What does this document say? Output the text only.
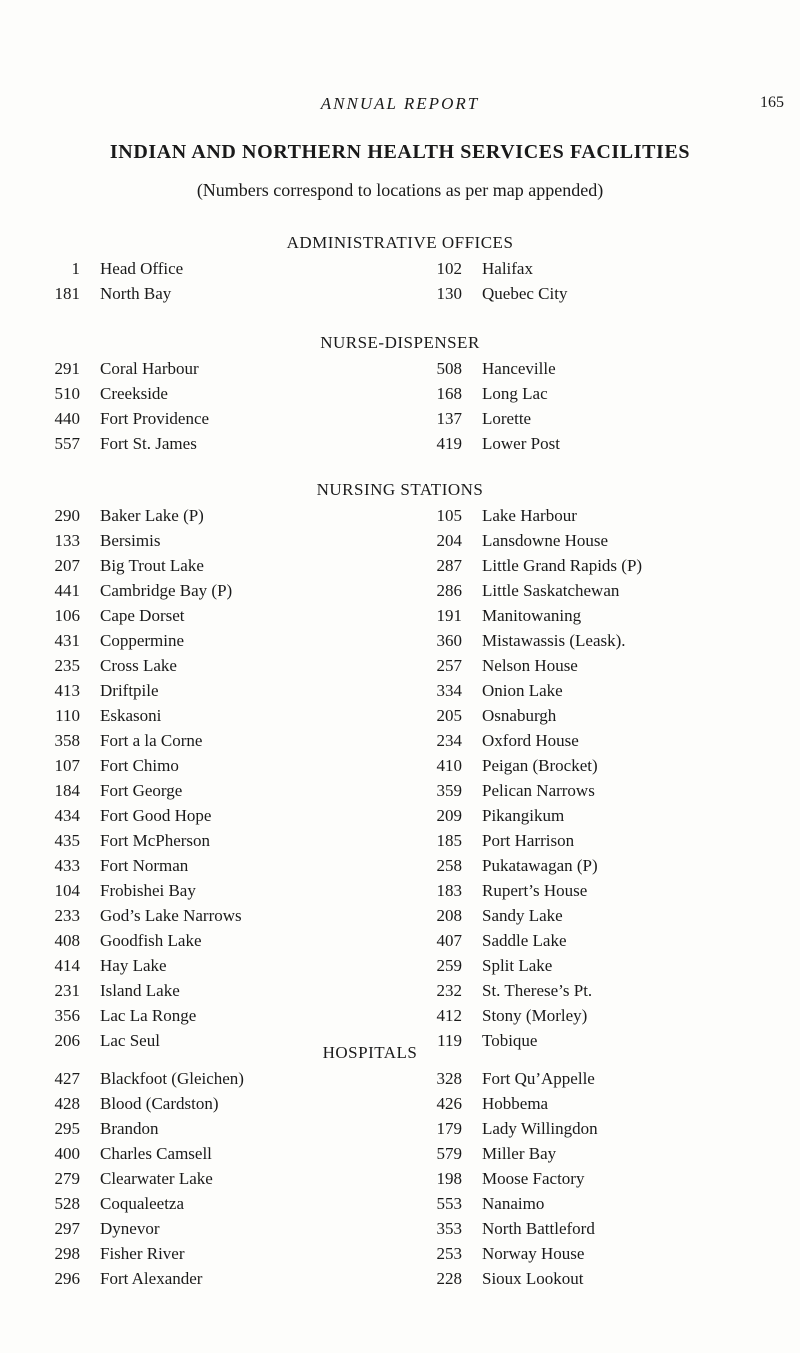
ANNUAL REPORT	165
INDIAN AND NORTHERN HEALTH SERVICES FACILITIES
(Numbers correspond to locations as per map appended)
ADMINISTRATIVE OFFICES
1 Head Office	102 Halifax
181 North Bay	130 Quebec City
NURSE-DISPENSER
291 Coral Harbour	508 Hanceville
510 Creekside	168 Long Lac
440 Fort Providence	137 Lorette
557 Fort St. James	419 Lower Post
NURSING STATIONS
290 Baker Lake (P)	105 Lake Harbour
133 Bersimis	204 Lansdowne House
207 Big Trout Lake	287 Little Grand Rapids (P)
441 Cambridge Bay (P)	286 Little Saskatchewan
106 Cape Dorset	191 Manitowaning
431 Coppermine	360 Mistawassis (Leask).
235 Cross Lake	257 Nelson House
413 Driftpile	334 Onion Lake
110 Eskasoni	205 Osnaburgh
358 Fort a la Corne	234 Oxford House
107 Fort Chimo	410 Peigan (Brocket)
184 Fort George	359 Pelican Narrows
434 Fort Good Hope	209 Pikangikum
435 Fort McPherson	185 Port Harrison
433 Fort Norman	258 Pukatawagan (P)
104 Frobishei Bay	183 Rupert’s House
233 God’s Lake Narrows	208 Sandy Lake
408 Goodfish Lake	407 Saddle Lake
414 Hay Lake	259 Split Lake
231 Island Lake	232 St. Therese’s Pt.
356 Lac La Ronge	412 Stony (Morley)
206 Lac Seul	119 Tobique
HOSPITALS
427 Blackfoot (Gleichen)	328 Fort Qu’Appelle
428 Blood (Cardston)	426 Hobbema
295 Brandon	179 Lady Willingdon
400 Charles Camsell	579 Miller Bay
279 Clearwater Lake	198 Moose Factory
528 Coqualeetza	553 Nanaimo
297 Dynevor	353 North Battleford
298 Fisher River	253 Norway House
296 Fort Alexander	228 Sioux Lookout
